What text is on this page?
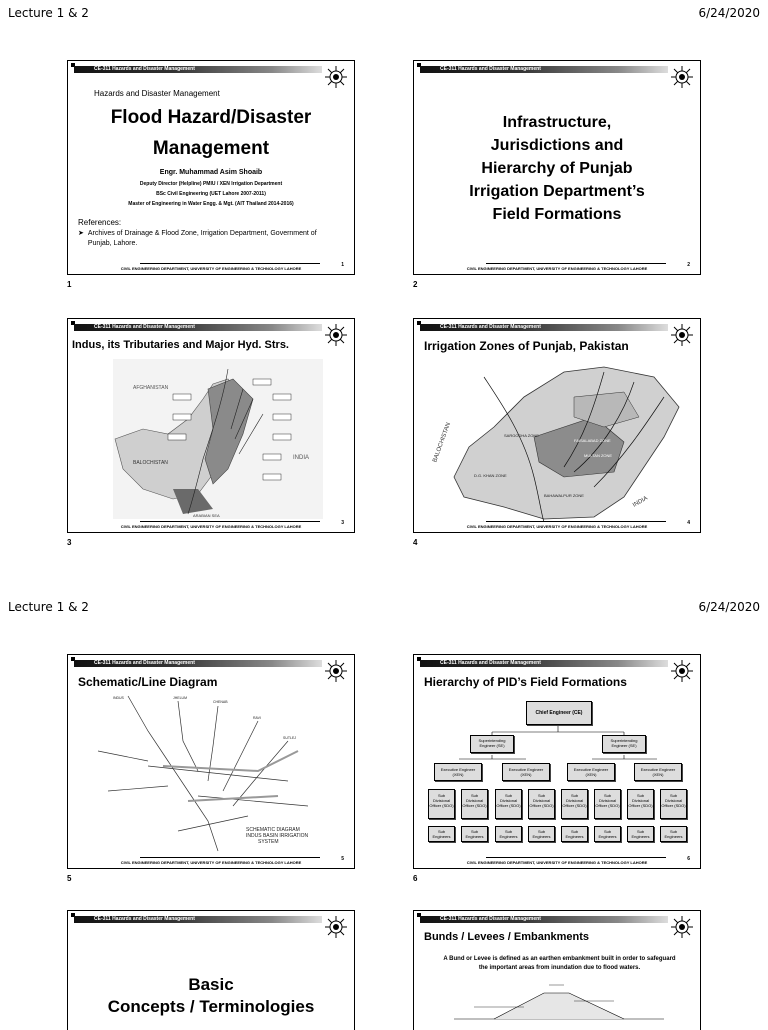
Lecture 1 & 2	6/24/2020
Lecture 1 & 2	6/24/2020
CE-311 Hazards and Disaster Management
Hazards and Disaster Management
Flood Hazard/Disaster
Management
Engr. Muhammad Asim Shoaib
Deputy Director (Helpline) PMIU / XEN Irrigation Department
BSc Civil Engineering (UET Lahore 2007-2011)
Master of Engineering in Water Engg. & Mgt. (AIT Thailand 2014-2016)
References:
➤ Archives of Drainage & Flood Zone, Irrigation Department, Government of Punjab, Lahore.
CIVIL ENGINEERING DEPARTMENT, UNIVERSITY OF ENGINEERING & TECHNOLOGY LAHORE
1
1
CE-311 Hazards and Disaster Management
Infrastructure,
Jurisdictions and
Hierarchy of Punjab
Irrigation Department’s
Field Formations
CIVIL ENGINEERING DEPARTMENT, UNIVERSITY OF ENGINEERING & TECHNOLOGY LAHORE
2
2
CE-311 Hazards and Disaster Management
Indus, its Tributaries and Major Hyd. Strs.
AFGHANISTAN
BALOCHISTAN
INDIA
ARABIAN SEA
CIVIL ENGINEERING DEPARTMENT, UNIVERSITY OF ENGINEERING & TECHNOLOGY LAHORE
3
3
CE-311 Hazards and Disaster Management
Irrigation Zones of Punjab, Pakistan
BALOCHISTAN
INDIA
SARGODHA ZONE
FAISALABAD ZONE
D.G. KHAN ZONE
BAHAWALPUR ZONE
MULTAN ZONE
CIVIL ENGINEERING DEPARTMENT, UNIVERSITY OF ENGINEERING & TECHNOLOGY LAHORE
4
4
CE-311 Hazards and Disaster Management
Schematic/Line Diagram
INDUS	JHELUM
CHENAB
RAVI
SUTLEJ
SCHEMATIC DIAGRAM
INDUS BASIN IRRIGATION
SYSTEM
CIVIL ENGINEERING DEPARTMENT, UNIVERSITY OF ENGINEERING & TECHNOLOGY LAHORE
5
5
CE-311 Hazards and Disaster Management
Hierarchy of PID’s Field Formations
Chief Engineer (CE)
Superintending Engineer (SE)
Superintending Engineer (SE)
Executive Engineer (XEN)
Executive Engineer (XEN)
Executive Engineer (XEN)
Executive Engineer (XEN)
Sub Divisional Officer (SDO)
Sub Divisional Officer (SDO)
Sub Divisional Officer (SDO)
Sub Divisional Officer (SDO)
Sub Divisional Officer (SDO)
Sub Divisional Officer (SDO)
Sub Divisional Officer (SDO)
Sub Divisional Officer (SDO)
Sub Engineers
Sub Engineers
Sub Engineers
Sub Engineers
Sub Engineers
Sub Engineers
Sub Engineers
Sub Engineers
CIVIL ENGINEERING DEPARTMENT, UNIVERSITY OF ENGINEERING & TECHNOLOGY LAHORE
6
6
CE-311 Hazards and Disaster Management
Basic
Concepts / Terminologies
CE-311 Hazards and Disaster Management
Bunds / Levees / Embankments
A Bund or Levee is defined as an earthen embankment built in order to safeguard the important areas from inundation due to flood waters.
